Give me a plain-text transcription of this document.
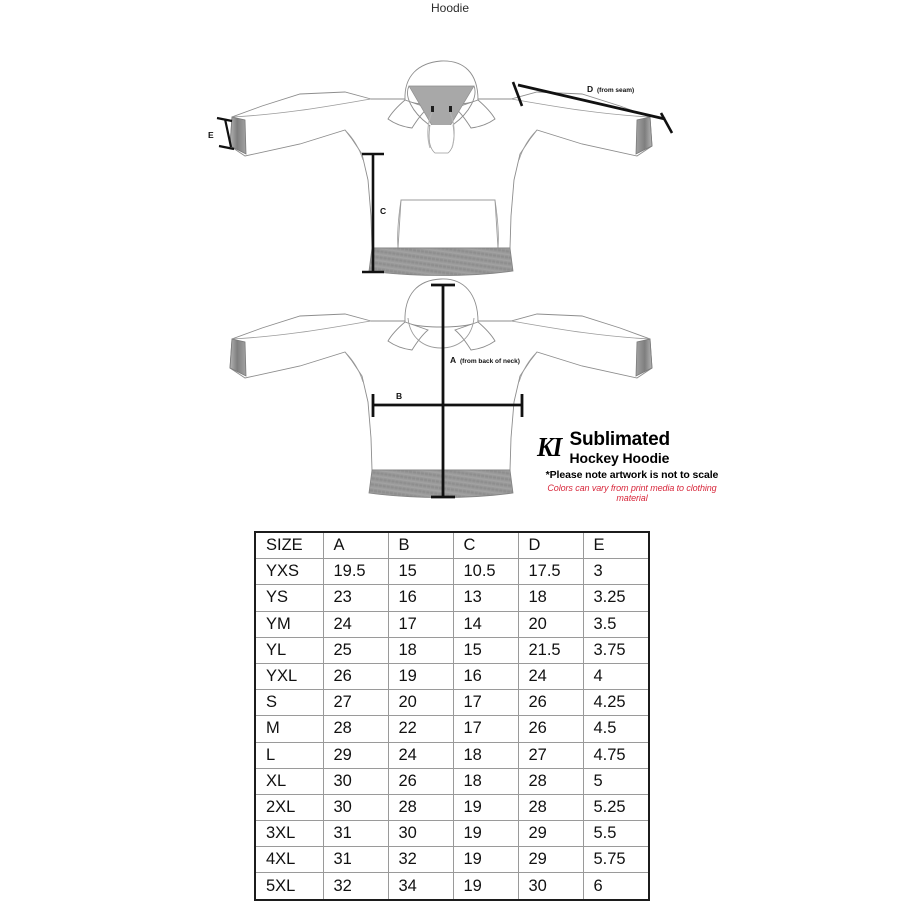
Hoodie
C
D (from seam)
E
A (from back of neck)
B
KI Sublimated
Hockey Hoodie
*Please note artwork is not to scale
Colors can vary from print media to clothing material
SIZE	A	B	C	D	E
YXS	19.5	15	10.5	17.5	3
YS	23	16	13	18	3.25
YM	24	17	14	20	3.5
YL	25	18	15	21.5	3.75
YXL	26	19	16	24	4
S	27	20	17	26	4.25
M	28	22	17	26	4.5
L	29	24	18	27	4.75
XL	30	26	18	28	5
2XL	30	28	19	28	5.25
3XL	31	30	19	29	5.5
4XL	31	32	19	29	5.75
5XL	32	34	19	30	6
